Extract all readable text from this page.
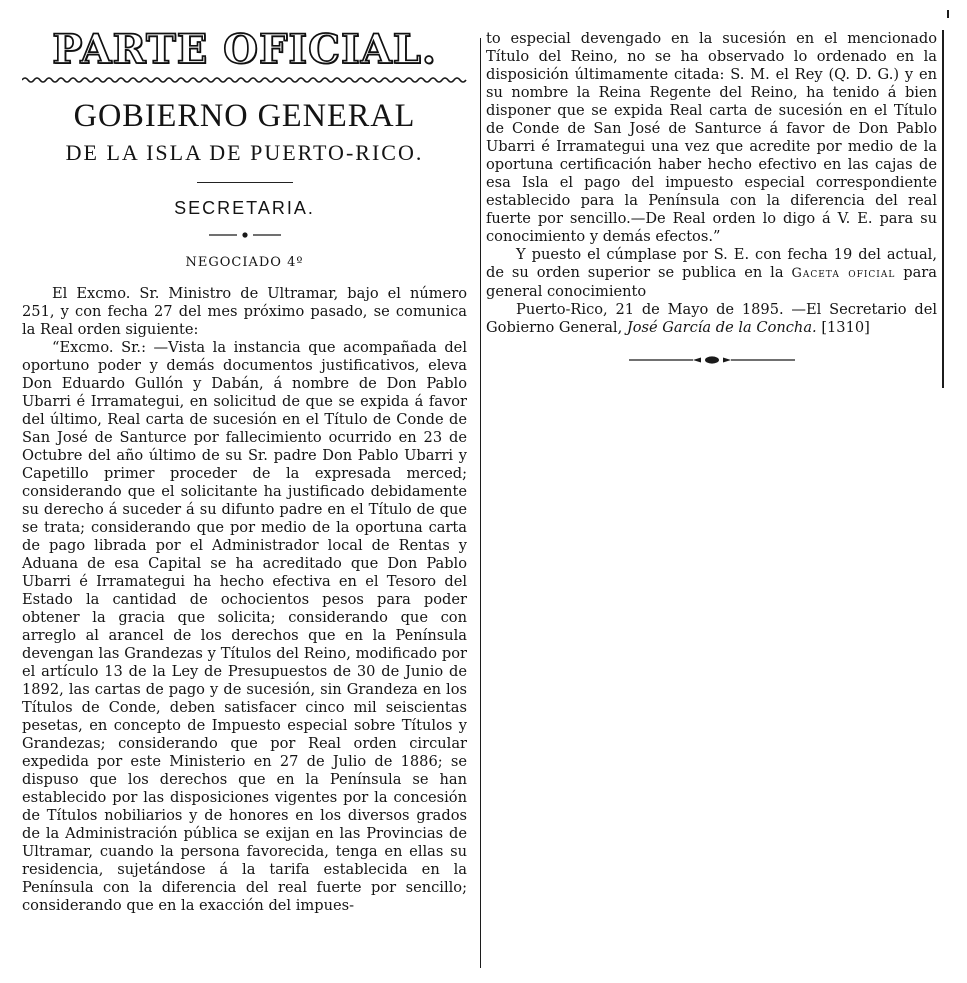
PARTE OFICIAL.
GOBIERNO GENERAL
DE LA ISLA DE PUERTO-RICO.
SECRETARIA.
NEGOCIADO 4º

El Excmo. Sr. Ministro de Ultramar, bajo el número 251, y con fecha 27 del mes próximo pasado, se comunica la Real orden siguiente:

“Excmo. Sr.: —Vista la instancia que acompañada del oportuno poder y demás documentos justificativos, eleva Don Eduardo Gullón y Dabán, á nombre de Don Pablo Ubarri é Irramategui, en solicitud de que se expida á favor del último, Real carta de sucesión en el Título de Conde de San José de Santurce por fallecimiento ocurrido en 23 de Octubre del año último de su Sr. padre Don Pablo Ubarri y Capetillo primer proceder de la expresada merced; considerando que el solicitante ha justificado debidamente su derecho á suceder á su difunto padre en el Título de que se trata; considerando que por medio de la oportuna carta de pago librada por el Administrador local de Rentas y Aduana de esa Capital se ha acreditado que Don Pablo Ubarri é Irramategui ha hecho efectiva en el Tesoro del Estado la cantidad de ochocientos pesos para poder obtener la gracia que solicita; considerando que con arreglo al arancel de los derechos que en la Península devengan las Grandezas y Títulos del Reino, modificado por el artículo 13 de la Ley de Presupuestos de 30 de Junio de 1892, las cartas de pago y de sucesión, sin Grandeza en los Títulos de Conde, deben satisfacer cinco mil seiscientas pesetas, en concepto de Impuesto especial sobre Títulos y Grandezas; considerando que por Real orden circular expedida por este Ministerio en 27 de Julio de 1886; se dispuso que los derechos que en la Península se han establecido por las disposiciones vigentes por la concesión de Títulos nobiliarios y de honores en los diversos grados de la Administración pública se exijan en las Provincias de Ultramar, cuando la persona favorecida, tenga en ellas su residencia, sujetándose á la tarifa establecida en la Península con la diferencia del real fuerte por sencillo; considerando que en la exacción del impues-

to especial devengado en la sucesión en el mencionado Título del Reino, no se ha observado lo ordenado en la disposición últimamente citada: S. M. el Rey (Q. D. G.) y en su nombre la Reina Regente del Reino, ha tenido á bien disponer que se expida Real carta de sucesión en el Título de Conde de San José de Santurce á favor de Don Pablo Ubarri é Irramategui una vez que acredite por medio de la oportuna certificación haber hecho efectivo en las cajas de esa Isla el pago del impuesto especial correspondiente establecido para la Península con la diferencia del real fuerte por sencillo.—De Real orden lo digo á V. E. para su conocimiento y demás efectos.”

Y puesto el cúmplase por S. E. con fecha 19 del actual, de su orden superior se publica en la Gaceta oficial para general conocimiento

Puerto-Rico, 21 de Mayo de 1895. —El Secretario del Gobierno General, José García de la Concha. [1310]
